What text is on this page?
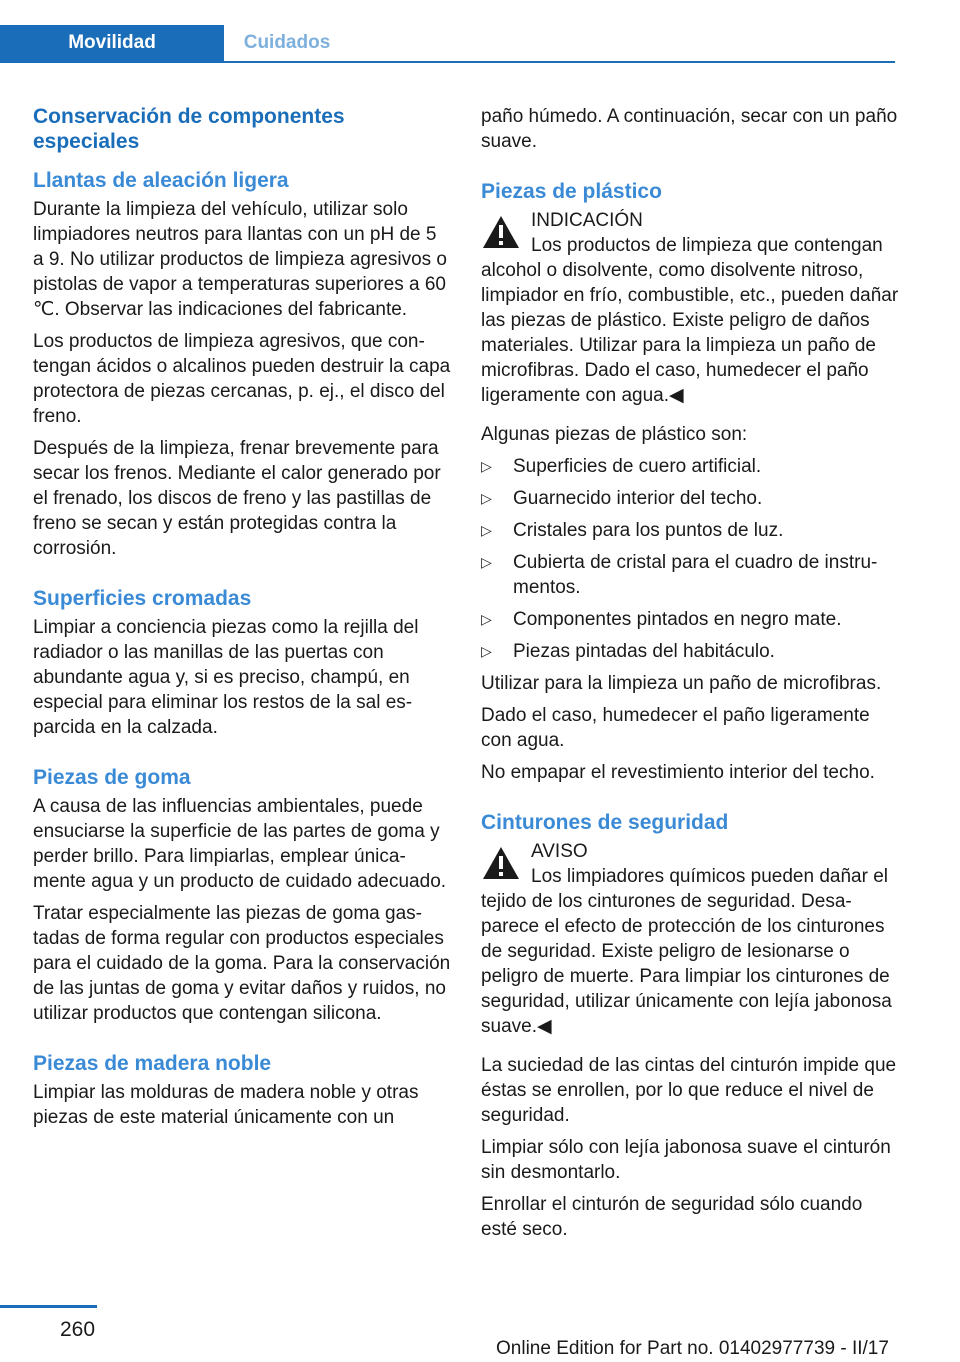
Movilidad	Cuidados
Conservación de componentes especiales
Llantas de aleación ligera

Durante la limpieza del vehículo, utilizar solo limpiadores neutros para llantas con un pH de 5 a 9. No utilizar productos de limpieza agresivos o pistolas de vapor a temperaturas superiores a 60 ℃. Observar las indicaciones del fabricante.

Los productos de limpieza agresivos, que contengan ácidos o alcalinos pueden destruir la capa protectora de piezas cercanas, p. ej., el disco del freno.

Después de la limpieza, frenar brevemente para secar los frenos. Mediante el calor generado por el frenado, los discos de freno y las pastillas de freno se secan y están protegidas contra la corrosión.

Superficies cromadas

Limpiar a conciencia piezas como la rejilla del radiador o las manillas de las puertas con abundante agua y, si es preciso, champú, en especial para eliminar los restos de la sal esparcida en la calzada.

Piezas de goma

A causa de las influencias ambientales, puede ensuciarse la superficie de las partes de goma y perder brillo. Para limpiarlas, emplear únicamente agua y un producto de cuidado adecuado.

Tratar especialmente las piezas de goma gastadas de forma regular con productos especiales para el cuidado de la goma. Para la conservación de las juntas de goma y evitar daños y ruidos, no utilizar productos que contengan silicona.

Piezas de madera noble

Limpiar las molduras de madera noble y otras piezas de este material únicamente con un

paño húmedo. A continuación, secar con un paño suave.

Piezas de plástico
INDICACIÓN
Los productos de limpieza que contengan alcohol o disolvente, como disolvente nitroso, limpiador en frío, combustible, etc., pueden dañar las piezas de plástico. Existe peligro de daños materiales. Utilizar para la limpieza un paño de microfibras. Dado el caso, humedecer el paño ligeramente con agua.◀

Algunas piezas de plástico son:

▷ Superficies de cuero artificial.
▷ Guarnecido interior del techo.
▷ Cristales para los puntos de luz.
▷ Cubierta de cristal para el cuadro de instrumentos.
▷ Componentes pintados en negro mate.
▷ Piezas pintadas del habitáculo.

Utilizar para la limpieza un paño de microfibras.

Dado el caso, humedecer el paño ligeramente con agua.

No empapar el revestimiento interior del techo.

Cinturones de seguridad
AVISO
Los limpiadores químicos pueden dañar el tejido de los cinturones de seguridad. Desaparece el efecto de protección de los cinturones de seguridad. Existe peligro de lesionarse o peligro de muerte. Para limpiar los cinturones de seguridad, utilizar únicamente con lejía jabonosa suave.◀

La suciedad de las cintas del cinturón impide que éstas se enrollen, por lo que reduce el nivel de seguridad.

Limpiar sólo con lejía jabonosa suave el cinturón sin desmontarlo.

Enrollar el cinturón de seguridad sólo cuando esté seco.

260
Online Edition for Part no. 01402977739 - II/17
